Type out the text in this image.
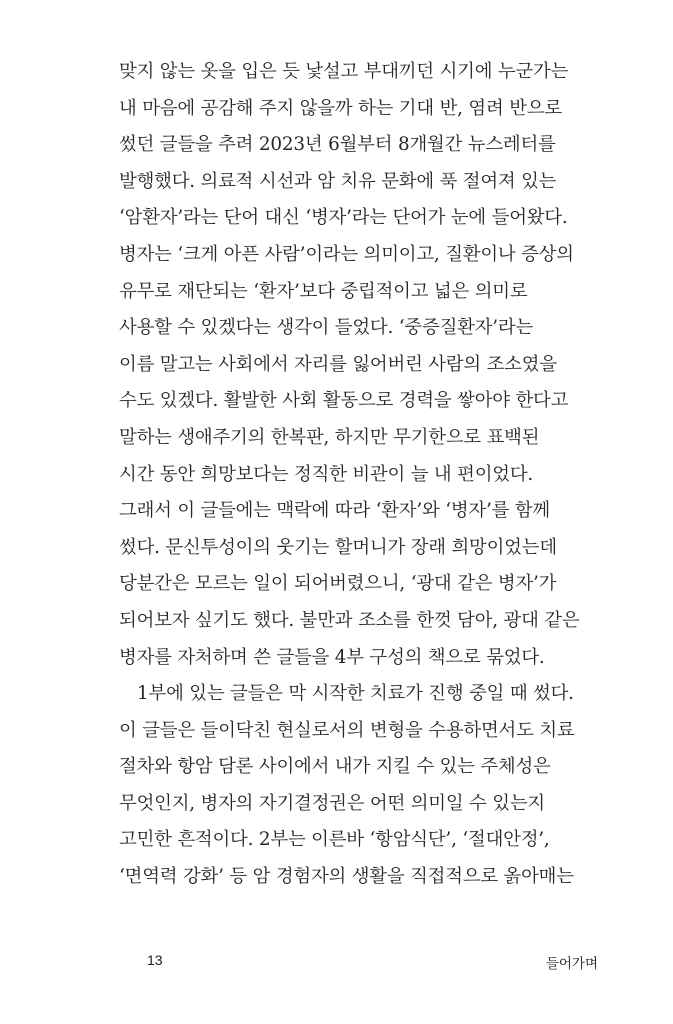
맞지 않는 옷을 입은 듯 낯설고 부대끼던 시기에 누군가는
내 마음에 공감해 주지 않을까 하는 기대 반, 염려 반으로
썼던 글들을 추려 2023년 6월부터 8개월간 뉴스레터를
발행했다. 의료적 시선과 암 치유 문화에 푹 절여져 있는
‘암환자’라는 단어 대신 ‘병자’라는 단어가 눈에 들어왔다.
병자는 ‘크게 아픈 사람’이라는 의미이고, 질환이나 증상의
유무로 재단되는 ‘환자’보다 중립적이고 넓은 의미로
사용할 수 있겠다는 생각이 들었다. ‘중증질환자’라는
이름 말고는 사회에서 자리를 잃어버린 사람의 조소였을
수도 있겠다. 활발한 사회 활동으로 경력을 쌓아야 한다고
말하는 생애주기의 한복판, 하지만 무기한으로 표백된
시간 동안 희망보다는 정직한 비관이 늘 내 편이었다.
그래서 이 글들에는 맥락에 따라 ‘환자’와 ‘병자’를 함께
썼다. 문신투성이의 웃기는 할머니가 장래 희망이었는데
당분간은 모르는 일이 되어버렸으니, ‘광대 같은 병자’가
되어보자 싶기도 했다. 불만과 조소를 한껏 담아, 광대 같은
병자를 자처하며 쓴 글들을 4부 구성의 책으로 묶었다.
1부에 있는 글들은 막 시작한 치료가 진행 중일 때 썼다.
이 글들은 들이닥친 현실로서의 변형을 수용하면서도 치료
절차와 항암 담론 사이에서 내가 지킬 수 있는 주체성은
무엇인지, 병자의 자기결정권은 어떤 의미일 수 있는지
고민한 흔적이다. 2부는 이른바 ‘항암식단’, ‘절대안정’,
‘면역력 강화’ 등 암 경험자의 생활을 직접적으로 옭아매는
13	들어가며
